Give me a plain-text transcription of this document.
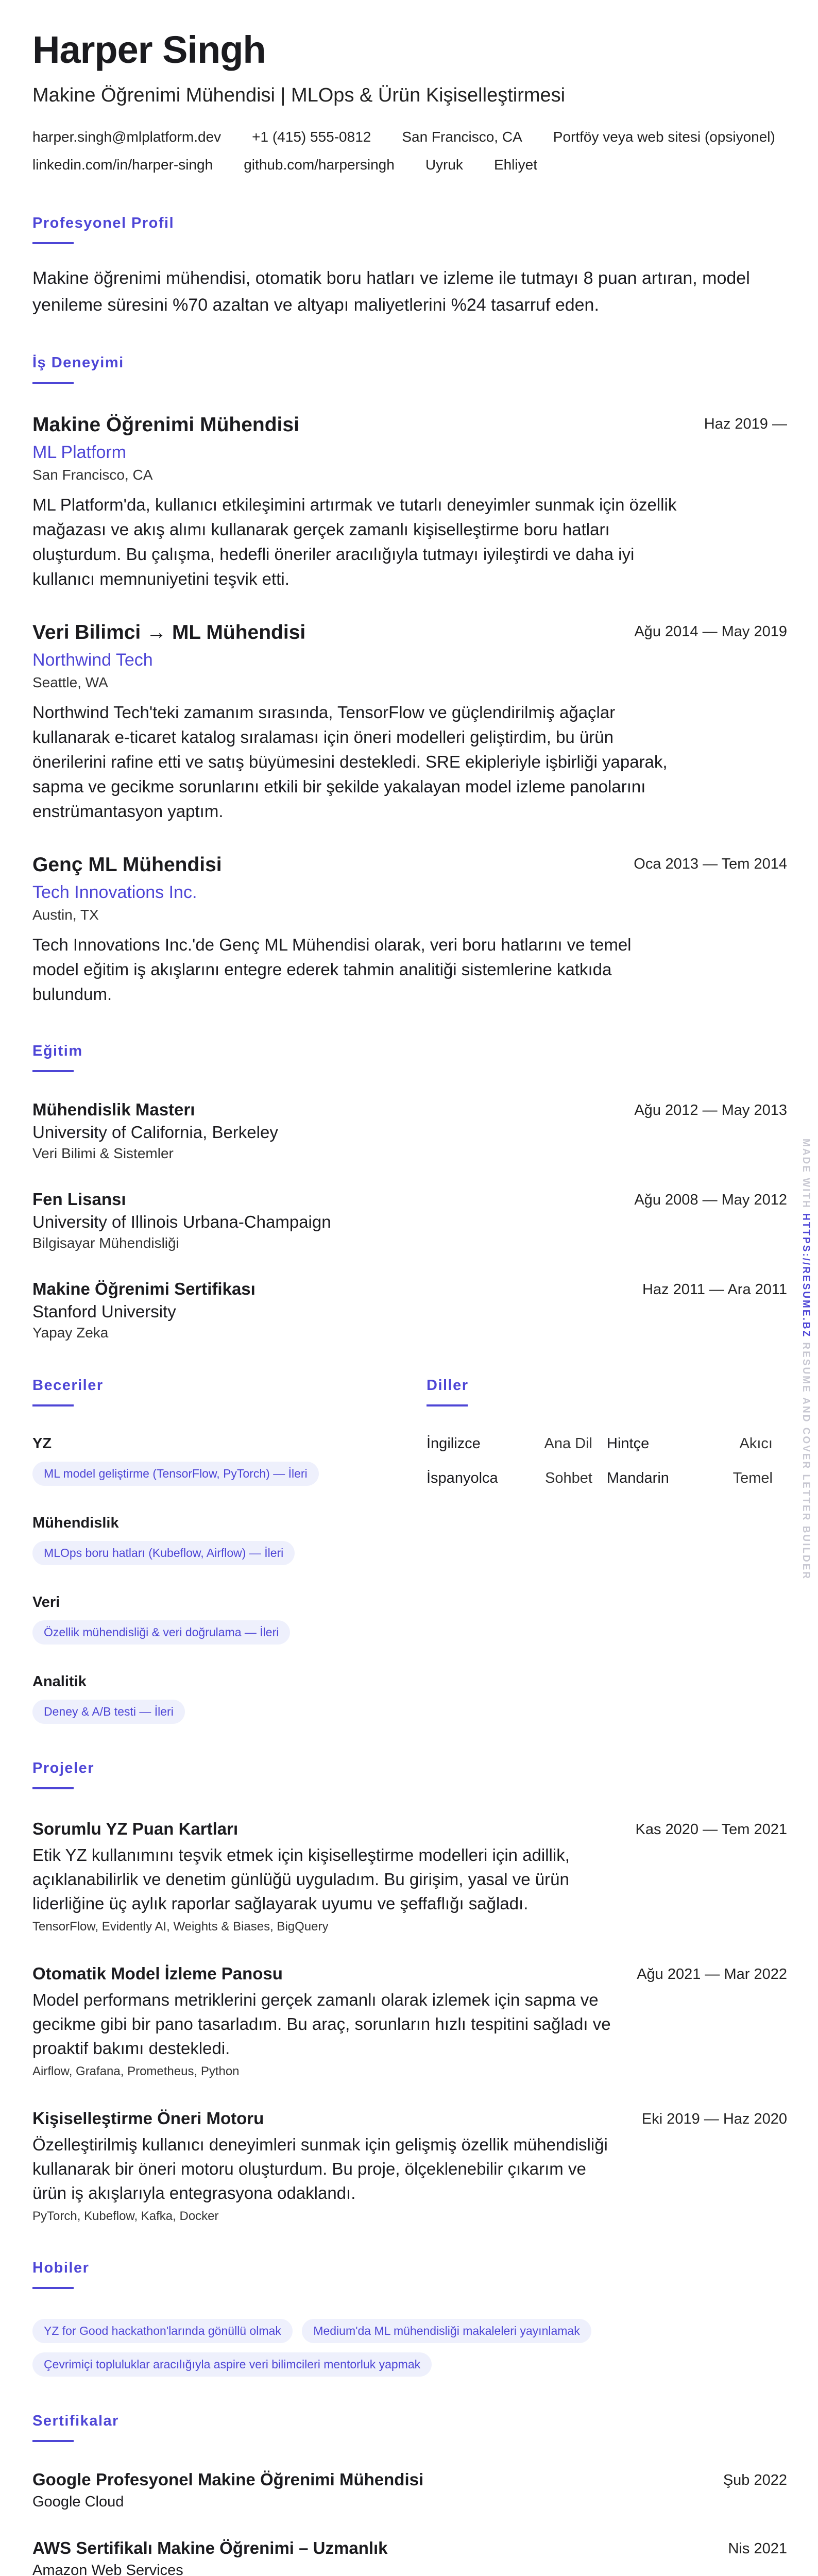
Harper Singh
Makine Öğrenimi Mühendisi | MLOps & Ürün Kişiselleştirmesi
harper.singh@mlplatform.dev +1 (415) 555-0812 San Francisco, CA Portföy veya web sitesi (opsiyonel)
linkedin.com/in/harper-singh github.com/harpersingh Uyruk Ehliyet
Profesyonel Profil
Makine öğrenimi mühendisi, otomatik boru hatları ve izleme ile tutmayı 8 puan artıran, model yenileme süresini %70 azaltan ve altyapı maliyetlerini %24 tasarruf eden.
İş Deneyimi
Makine Öğrenimi Mühendisi	Haz 2019 —
ML Platform
San Francisco, CA
ML Platform'da, kullanıcı etkileşimini artırmak ve tutarlı deneyimler sunmak için özellik mağazası ve akış alımı kullanarak gerçek zamanlı kişiselleştirme boru hatları oluşturdum. Bu çalışma, hedefli öneriler aracılığıyla tutmayı iyileştirdi ve daha iyi kullanıcı memnuniyetini teşvik etti.
Veri Bilimci → ML Mühendisi	Ağu 2014 — May 2019
Northwind Tech
Seattle, WA
Northwind Tech'teki zamanım sırasında, TensorFlow ve güçlendirilmiş ağaçlar kullanarak e-ticaret katalog sıralaması için öneri modelleri geliştirdim, bu ürün önerilerini rafine etti ve satış büyümesini destekledi. SRE ekipleriyle işbirliği yaparak, sapma ve gecikme sorunlarını etkili bir şekilde yakalayan model izleme panolarını enstrümantasyon yaptım.
Genç ML Mühendisi	Oca 2013 — Tem 2014
Tech Innovations Inc.
Austin, TX
Tech Innovations Inc.'de Genç ML Mühendisi olarak, veri boru hatlarını ve temel model eğitim iş akışlarını entegre ederek tahmin analitiği sistemlerine katkıda bulundum.
Eğitim
Mühendislik Masterı	Ağu 2012 — May 2013
University of California, Berkeley
Veri Bilimi & Sistemler
Fen Lisansı	Ağu 2008 — May 2012
University of Illinois Urbana-Champaign
Bilgisayar Mühendisliği
Makine Öğrenimi Sertifikası	Haz 2011 — Ara 2011
Stanford University
Yapay Zeka
Beceriler
YZ
ML model geliştirme (TensorFlow, PyTorch) — İleri
Mühendislik
MLOps boru hatları (Kubeflow, Airflow) — İleri
Veri
Özellik mühendisliği & veri doğrulama — İleri
Analitik
Deney & A/B testi — İleri
Diller
İngilizce	Ana Dil Hintçe	Akıcı
İspanyolca	Sohbet Mandarin	Temel
Projeler
Sorumlu YZ Puan Kartları	Kas 2020 — Tem 2021
Etik YZ kullanımını teşvik etmek için kişiselleştirme modelleri için adillik, açıklanabilirlik ve denetim günlüğü uyguladım. Bu girişim, yasal ve ürün liderliğine üç aylık raporlar sağlayarak uyumu ve şeffaflığı sağladı.
TensorFlow, Evidently AI, Weights & Biases, BigQuery
Otomatik Model İzleme Panosu	Ağu 2021 — Mar 2022
Model performans metriklerini gerçek zamanlı olarak izlemek için sapma ve gecikme gibi bir pano tasarladım. Bu araç, sorunların hızlı tespitini sağladı ve proaktif bakımı destekledi.
Airflow, Grafana, Prometheus, Python
Kişiselleştirme Öneri Motoru	Eki 2019 — Haz 2020
Özelleştirilmiş kullanıcı deneyimleri sunmak için gelişmiş özellik mühendisliği kullanarak bir öneri motoru oluşturdum. Bu proje, ölçeklenebilir çıkarım ve ürün iş akışlarıyla entegrasyona odaklandı.
PyTorch, Kubeflow, Kafka, Docker
Hobiler
YZ for Good hackathon'larında gönüllü olmak	Medium'da ML mühendisliği makaleleri yayınlamak Çevrimiçi topluluklar aracılığıyla aspire veri bilimcileri mentorluk yapmak
Sertifikalar
Google Profesyonel Makine Öğrenimi Mühendisi	Şub 2022
Google Cloud
AWS Sertifikalı Makine Öğrenimi – Uzmanlık	Nis 2021
Amazon Web Services
MADE WITH HTTPS://RESUME.BZ RESUME AND COVER LETTER BUILDER
